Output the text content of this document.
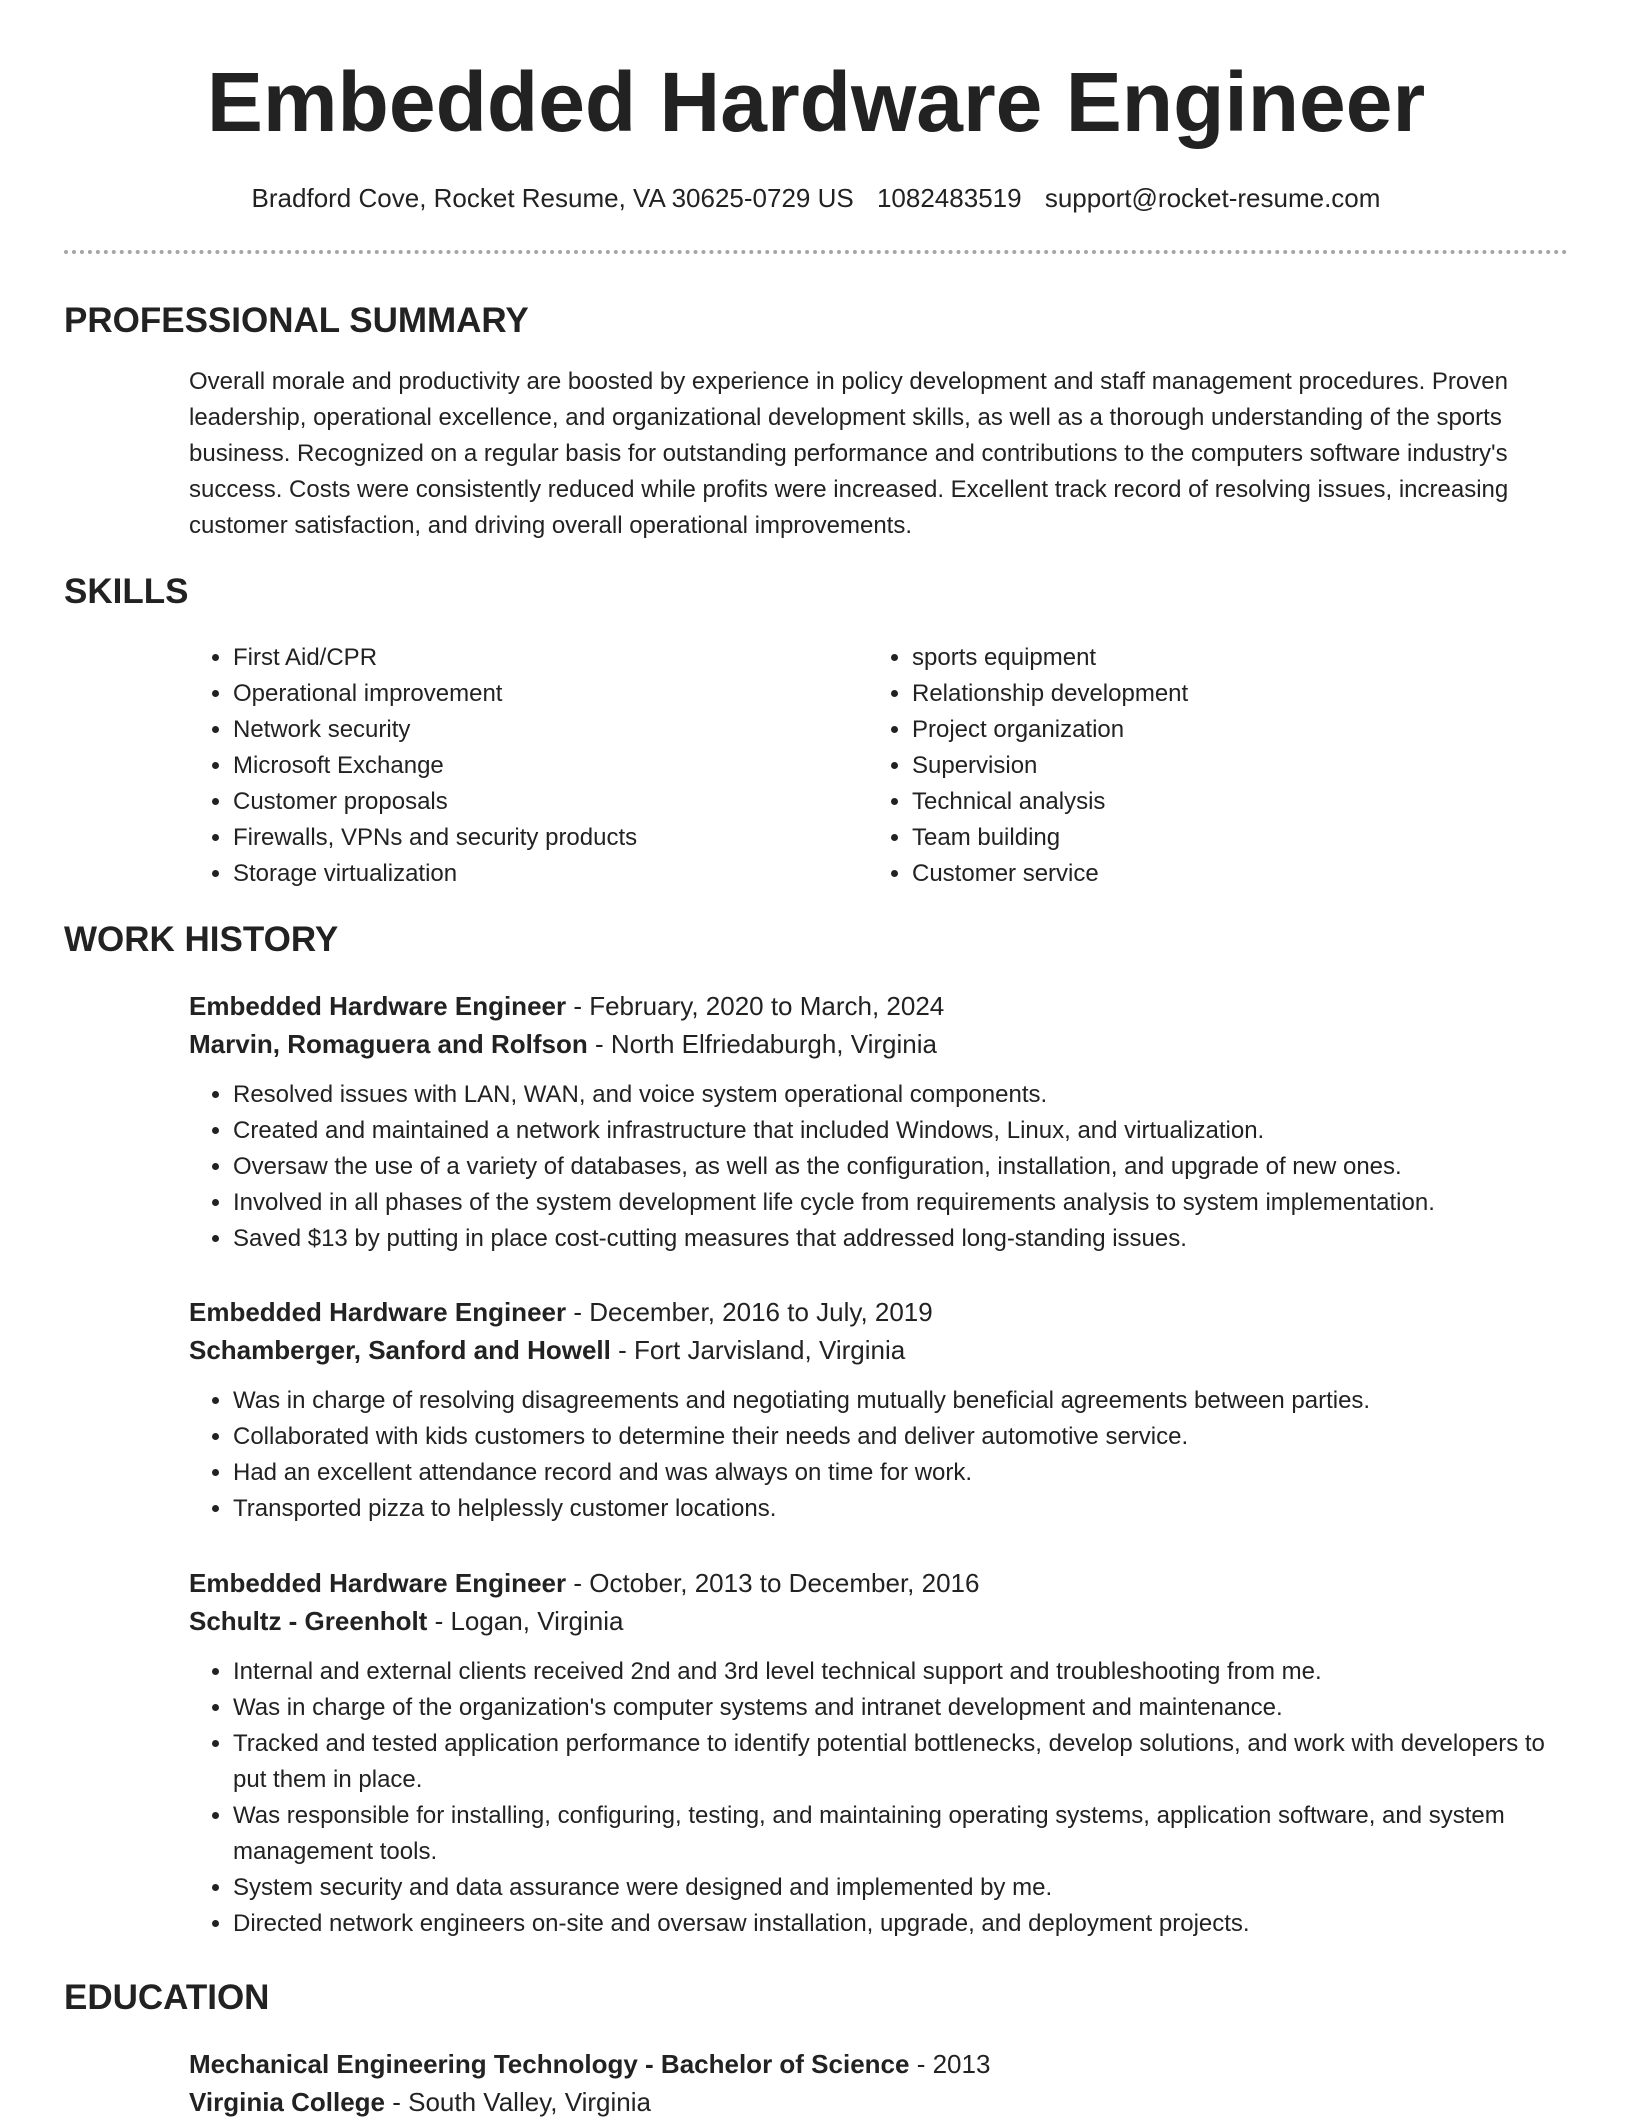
Embedded Hardware Engineer
Bradford Cove, Rocket Resume, VA 30625-0729 US 1082483519 support@rocket-resume.com
PROFESSIONAL SUMMARY

Overall morale and productivity are boosted by experience in policy development and staff management procedures. Proven leadership, operational excellence, and organizational development skills, as well as a thorough understanding of the sports business. Recognized on a regular basis for outstanding performance and contributions to the computers software industry's success. Costs were consistently reduced while profits were increased. Excellent track record of resolving issues, increasing customer satisfaction, and driving overall operational improvements.

SKILLS
• First Aid/CPR
• Operational improvement
• Network security
• Microsoft Exchange
• Customer proposals
• Firewalls, VPNs and security products
• Storage virtualization
• sports equipment
• Relationship development
• Project organization
• Supervision
• Technical analysis
• Team building
• Customer service
WORK HISTORY

Embedded Hardware Engineer - February, 2020 to March, 2024

Marvin, Romaguera and Rolfson - North Elfriedaburgh, Virginia

• Resolved issues with LAN, WAN, and voice system operational components.
• Created and maintained a network infrastructure that included Windows, Linux, and virtualization.
• Oversaw the use of a variety of databases, as well as the configuration, installation, and upgrade of new ones.
• Involved in all phases of the system development life cycle from requirements analysis to system implementation.
• Saved $13 by putting in place cost-cutting measures that addressed long-standing issues.

Embedded Hardware Engineer - December, 2016 to July, 2019

Schamberger, Sanford and Howell - Fort Jarvisland, Virginia

• Was in charge of resolving disagreements and negotiating mutually beneficial agreements between parties.
• Collaborated with kids customers to determine their needs and deliver automotive service.
• Had an excellent attendance record and was always on time for work.
• Transported pizza to helplessly customer locations.

Embedded Hardware Engineer - October, 2013 to December, 2016

Schultz - Greenholt - Logan, Virginia

• Internal and external clients received 2nd and 3rd level technical support and troubleshooting from me.
• Was in charge of the organization's computer systems and intranet development and maintenance.
• Tracked and tested application performance to identify potential bottlenecks, develop solutions, and work with developers to put them in place.
• Was responsible for installing, configuring, testing, and maintaining operating systems, application software, and system management tools.
• System security and data assurance were designed and implemented by me.
• Directed network engineers on-site and oversaw installation, upgrade, and deployment projects.
EDUCATION

Mechanical Engineering Technology - Bachelor of Science - 2013

Virginia College - South Valley, Virginia
